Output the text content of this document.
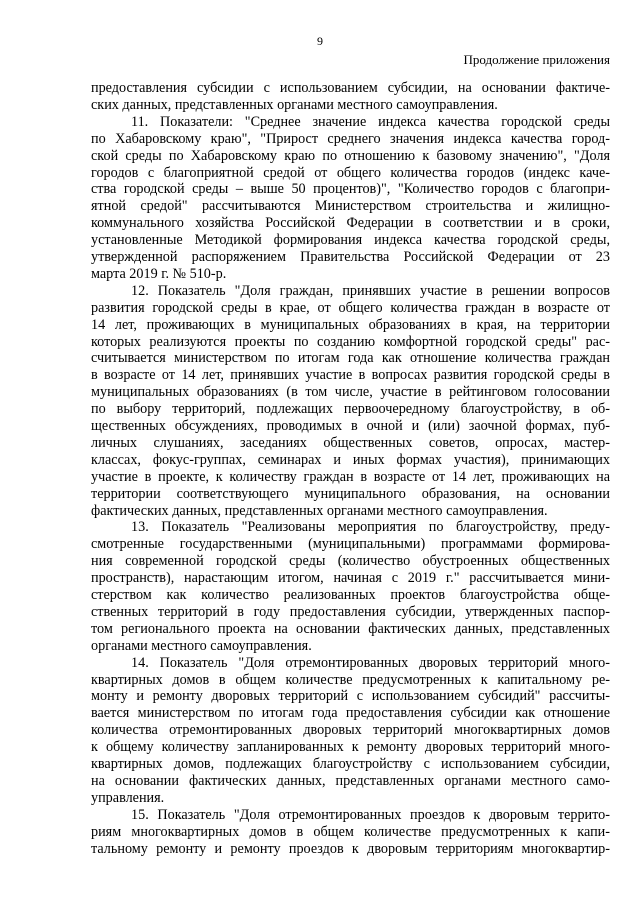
9
Продолжение приложения
предоставления субсидии с использованием субсидии, на основании фактиче-
ских данных, представленных органами местного самоуправления.
11. Показатели: "Среднее значение индекса качества городской среды
по Хабаровскому краю", "Прирост среднего значения индекса качества город-
ской среды по Хабаровскому краю по отношению к базовому значению", "Доля
городов с благоприятной средой от общего количества городов (индекс каче-
ства городской среды – выше 50 процентов)", "Количество городов с благопри-
ятной средой" рассчитываются Министерством строительства и жилищно-
коммунального хозяйства Российской Федерации в соответствии и в сроки,
установленные Методикой формирования индекса качества городской среды,
утвержденной распоряжением Правительства Российской Федерации от 23
марта 2019 г. № 510-р.
12. Показатель "Доля граждан, принявших участие в решении вопросов
развития городской среды в крае, от общего количества граждан в возрасте от
14 лет, проживающих в муниципальных образованиях в края, на территории
которых реализуются проекты по созданию комфортной городской среды" рас-
считывается министерством по итогам года как отношение количества граждан
в возрасте от 14 лет, принявших участие в вопросах развития городской среды в
муниципальных образованиях (в том числе, участие в рейтинговом голосовании
по выбору территорий, подлежащих первоочередному благоустройству, в об-
щественных обсуждениях, проводимых в очной и (или) заочной формах, пуб-
личных слушаниях, заседаниях общественных советов, опросах, мастер-
классах, фокус-группах, семинарах и иных формах участия), принимающих
участие в проекте, к количеству граждан в возрасте от 14 лет, проживающих на
территории соответствующего муниципального образования, на основании
фактических данных, представленных органами местного самоуправления.
13. Показатель "Реализованы мероприятия по благоустройству, преду-
смотренные государственными (муниципальными) программами формирова-
ния современной городской среды (количество обустроенных общественных
пространств), нарастающим итогом, начиная с 2019 г." рассчитывается мини-
стерством как количество реализованных проектов благоустройства обще-
ственных территорий в году предоставления субсидии, утвержденных паспор-
том регионального проекта на основании фактических данных, представленных
органами местного самоуправления.
14. Показатель "Доля отремонтированных дворовых территорий много-
квартирных домов в общем количестве предусмотренных к капитальному ре-
монту и ремонту дворовых территорий с использованием субсидий" рассчиты-
вается министерством по итогам года предоставления субсидии как отношение
количества отремонтированных дворовых территорий многоквартирных домов
к общему количеству запланированных к ремонту дворовых территорий много-
квартирных домов, подлежащих благоустройству с использованием субсидии,
на основании фактических данных, представленных органами местного само-
управления.
15. Показатель "Доля отремонтированных проездов к дворовым террито-
риям многоквартирных домов в общем количестве предусмотренных к капи-
тальному ремонту и ремонту проездов к дворовым территориям многоквартир-
